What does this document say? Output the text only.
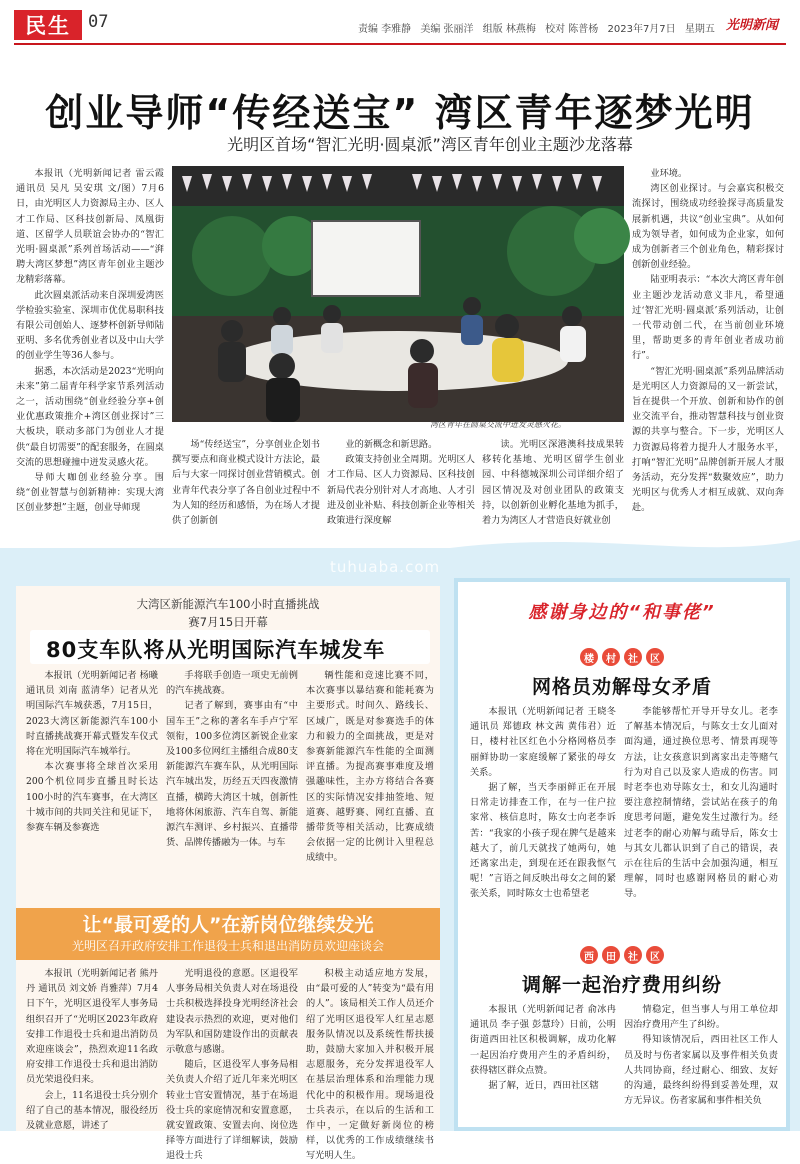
民生	07	责编 李雅静 美编 张丽洋 组版 林燕梅 校对 陈普杨 2023年7月7日 星期五 光明新闻
创业导师“传经送宝” 湾区青年逐梦光明
光明区首场“智汇光明·圆桌派”湾区青年创业主题沙龙落幕

本报讯（光明新闻记者 雷云霞 通讯员 吴凡 吴安琪 文/图）7月6日，由光明区人力资源局主办、区人才工作局、区科技创新局、凤凰街道、区留学人员联谊会协办的“智汇光明·圆桌派”系列首场活动——“湃聘大湾区梦想”湾区青年创业主题沙龙精彩落幕。

此次圆桌派活动来自深圳爱湾医学检验实验室、深圳市优优易职科技有限公司创始人、逐梦杯创新导师陆亚明、多名优秀创业者以及中山大学的创业学生等36人参与。

据悉，本次活动是2023“光明向未来”第二届青年科学家节系列活动之一，活动围绕“创业经验分享+创业优惠政策推介+湾区创业探讨”三大板块，联动多部门为创业人才提供“最自切需要”的配套服务，在圆桌交流的思想碰撞中迸发灵感火花。

导师大咖创业经验分享。围绕“创业智慧与创新精神：实现大湾区创业梦想”主题，创业导师现

湾区青年在圆桌交流中迸发灵感火花。

场“传经送宝”，分享创业企划书撰写要点和商业模式设计方法论，最后与大家一同探讨创业营销模式。创业青年代表分享了各自创业过程中不为人知的经历和感悟，为在场人才提供了创新创

业的新概念和新思路。

政策支持创业全周期。光明区人才工作局、区人力资源局、区科技创新局代表分别针对人才高地、人才引进及创业补贴、科技创新企业等相关政策进行深度解

读。光明区深港澳科技成果转移转化基地、光明区留学生创业园、中科德城深圳公司详细介绍了园区情况及对创业团队的政策支持，以创新创业孵化基地为抓手，着力为湾区人才营造良好就业创

业环境。

湾区创业探讨。与会嘉宾积极交流探讨，围绕成功经验探寻高质量发展新机遇，共议“创业宝典”。从如何成为领导者，如何成为企业家，如何成为创新者三个创业角色，精彩探讨创新创业经验。

陆亚明表示：“本次大湾区青年创业主题沙龙活动意义非凡，希望通过‘智汇光明·圆桌派’系列活动，让创一代带动创二代，在当前创业环境里，帮助更多的青年创业者成功前行”。

“智汇光明·圆桌派”系列品牌活动是光明区人力资源局的又一新尝试，旨在提供一个开放、创新和协作的创业交流平台，推动智慧科技与创业资源的共享与整合。下一步，光明区人力资源局将着力提升人才服务水平，打响“智汇光明”品牌创新开展人才服务活动，充分发挥“数聚效应”，助力光明区与优秀人才相互成就、双向奔赴。

tuhuaba.com
大湾区新能源汽车100小时直播挑战
赛7月15日开幕
80支车队将从光明国际汽车城发车

本报讯（光明新闻记者 杨曦 通讯员 刘南 蓝清华）记者从光明国际汽车城获悉，7月15日，2023大湾区新能源汽车100小时直播挑战赛开幕式暨发车仪式将在光明国际汽车城举行。

本次赛事将全球首次采用200个机位同步直播且时长达100小时的汽车赛事，在大湾区十城市间的共同关注和见证下，参赛车辆及参赛选

手将联手创造一项史无前例的汽车挑战赛。

记者了解到，赛事由有“中国车王”之称的著名车手卢宁军领衔，100多位湾区新锐企业家及100多位网红主播组合成80支新能源汽车赛车队，从光明国际汽车城出发，历经五天四夜激情直播，横跨大湾区十城，创新性地将休闲旅游、汽车自驾、新能源汽车测评、乡村振兴、直播带货、品牌传播融为一体。与车

辆性能和竞速比赛不同，本次赛事以暴结赛和能耗赛为主要形式。时间久、路线长、区域广，既是对参赛选手的体力和毅力的全面挑战，更是对参赛新能源汽车性能的全面测评直播。为提高赛事难度及增强趣味性，主办方将结合各赛区的实际情况安排抽签地、短道赛、越野赛、网红直播、直播带货等相关活动，比赛成绩会依据一定的比例计入里程总成绩中。

让“最可爱的人”在新岗位继续发光
光明区召开政府安排工作退役士兵和退出消防员欢迎座谈会

本报讯（光明新闻记者 熊丹丹 通讯员 刘文娇 肖雅萍）7月4日下午，光明区退役军人事务局组织召开了“光明区2023年政府安排工作退役士兵和退出消防员欢迎座谈会”，热烈欢迎11名政府安排工作退役士兵和退出消防员光荣退役归来。

会上，11名退役士兵分别介绍了自己的基本情况，服役经历及就业意愿，讲述了

光明退役的意愿。区退役军人事务局相关负责人对在场退役士兵积极选择投身光明经济社会建设表示热烈的欢迎，更对他们为军队和国防建设作出的贡献表示敬意与感谢。

随后，区退役军人事务局相关负责人介绍了近几年来光明区转业士官安置情况，基于在场退役士兵的家庭情况和安置意愿，就安置政策、安置去向、岗位选择等方面进行了详细解读，鼓励退役士兵

积极主动适应地方发展，由“最可爱的人”转变为“最有用的人”。该局相关工作人员还介绍了光明区退役军人红星志愿服务队情况以及系统性帮扶援助，鼓励大家加入并积极开展志愿服务，充分发挥退役军人在基层治理体系和治理能力现代化中的积极作用。现场退役士兵表示，在以后的生活和工作中，一定做好新岗位的榜样，以优秀的工作成绩继续书写光明人生。

感谢身边的“和事佬”
楼	村	社	区
网格员劝解母女矛盾

本报讯（光明新闻记者 王晓冬 通讯员 郑德政 林文茜 黄伟君）近日，楼村社区红色小分格网格员李丽鲜协助一家庭缓解了紧张的母女关系。

据了解，当天李丽鲜正在开展日常走访排查工作，在与一住户拉家常、核信息时，陈女士向老李诉苦：“我家的小孩子现在脾气是越来越大了，前几天就找了她两句，她还离家出走，到现在还在跟我怄气呢！”言语之间反映出母女之间的紧张关系，同时陈女士也希望老

李能够帮忙开导开导女儿。老李了解基本情况后，与陈女士女儿面对面沟通，通过换位思考、情景再现等方法，让女孩意识到离家出走等赌气行为对自己以及家人造成的伤害。同时老李也劝导陈女士，和女儿沟通时要注意控制情绪，尝试站在孩子的角度思考问题，避免发生过激行为。经过老李的耐心劝解与疏导后，陈女士与其女儿都认识到了自己的错误，表示在往后的生活中会加强沟通，相互理解，同时也感谢网格员的耐心劝导。

西	田	社	区
调解一起治疗费用纠纷

本报讯（光明新闻记者 俞冰冉 通讯员 李子强 彭慧玲）日前，公明街道西田社区积极调解，成功化解一起因治疗费用产生的矛盾纠纷，获得辖区群众点赞。

据了解，近日，西田社区辖

情稳定，但当事人与用工单位却因治疗费用产生了纠纷。

得知该情况后，西田社区工作人员及时与伤者家属以及事件相关负责人共同协商，经过耐心、细致、友好的沟通，最终纠纷得到妥善处理，双方无异议。伤者家属和事件相关负
